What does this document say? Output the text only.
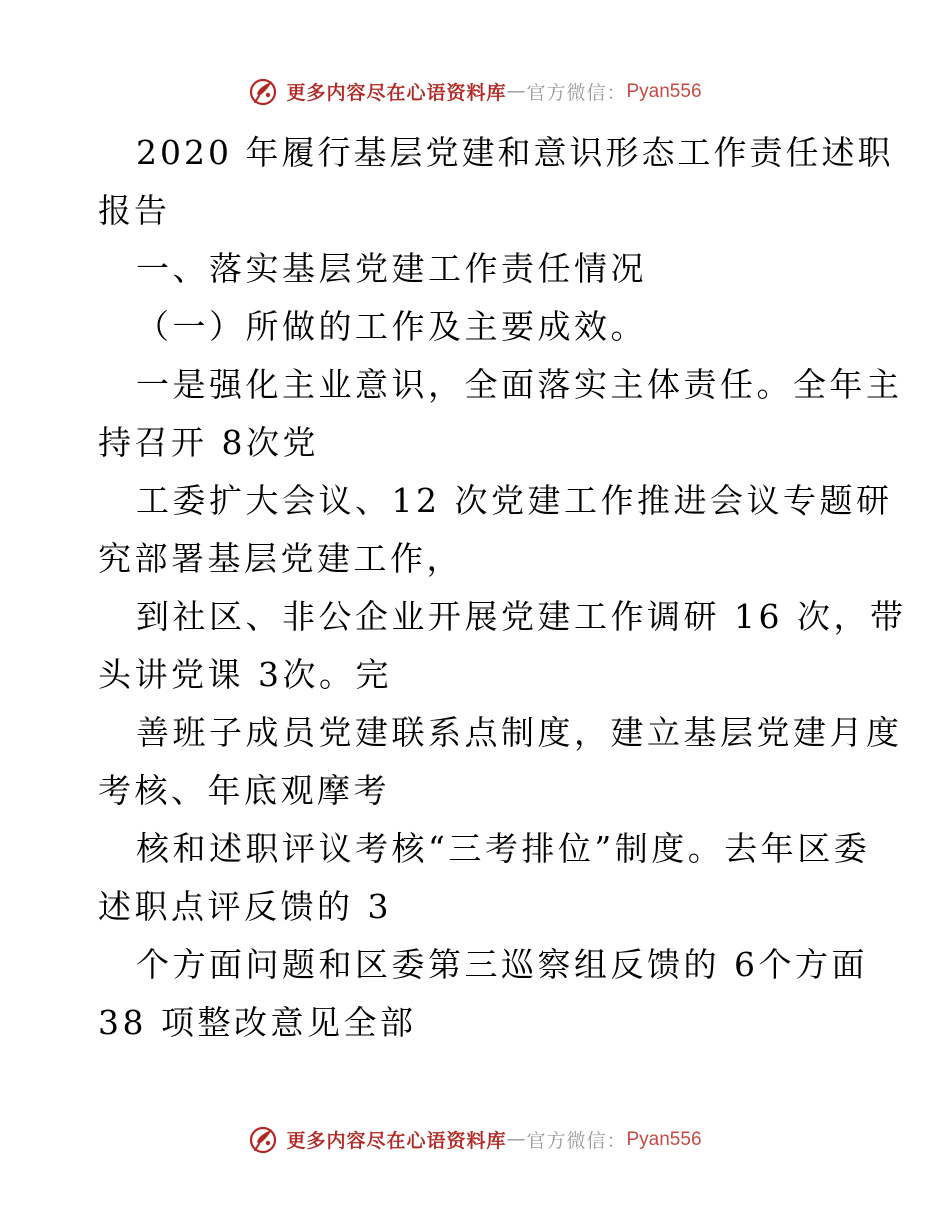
更多内容尽在心语资料库 — 官方微信： Pyan556
2020 年履行基层党建和意识形态工作责任述职
报告
一、落实基层党建工作责任情况
（一）所做的工作及主要成效。
一是强化主业意识，全面落实主体责任。全年主
持召开 8次党
工委扩大会议、12 次党建工作推进会议专题研
究部署基层党建工作，
到社区、非公企业开展党建工作调研 16 次，带
头讲党课 3次。完
善班子成员党建联系点制度，建立基层党建月度
考核、年底观摩考
核和述职评议考核“三考排位”制度。去年区委
述职点评反馈的 3
个方面问题和区委第三巡察组反馈的 6个方面
38 项整改意见全部
更多内容尽在心语资料库 — 官方微信： Pyan556
